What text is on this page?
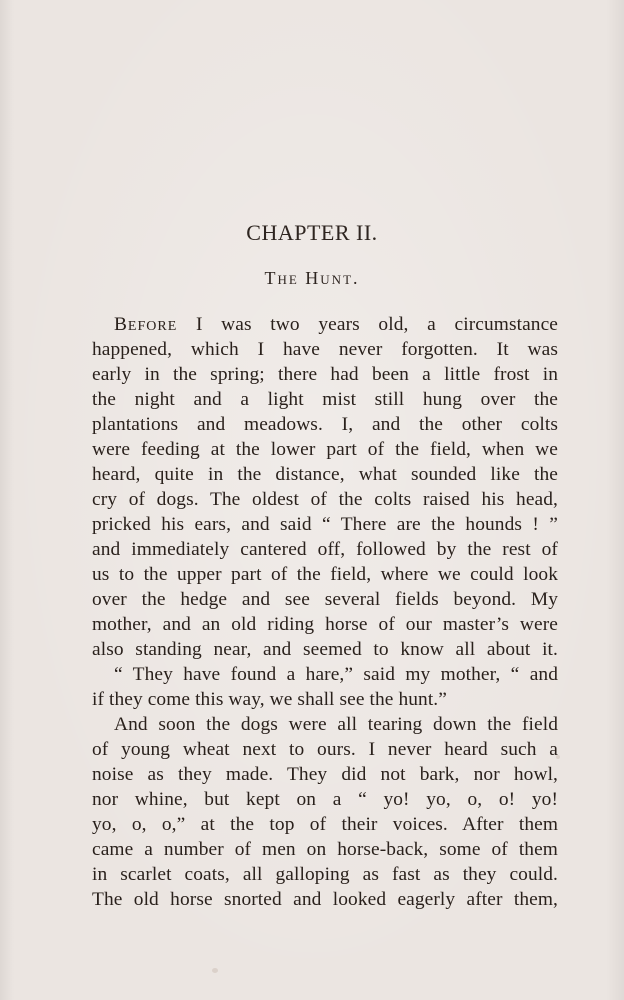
CHAPTER II.
The Hunt.
Before I was two years old, a circumstance
happened, which I have never forgotten. It was
early in the spring; there had been a little frost in
the night and a light mist still hung over the
plantations and meadows. I, and the other colts
were feeding at the lower part of the field, when we
heard, quite in the distance, what sounded like the
cry of dogs. The oldest of the colts raised his head,
pricked his ears, and said “ There are the hounds ! ”
and immediately cantered off, followed by the rest of
us to the upper part of the field, where we could look
over the hedge and see several fields beyond. My
mother, and an old riding horse of our master’s were
also standing near, and seemed to know all about it.
“ They have found a hare,” said my mother, “ and
if they come this way, we shall see the hunt.”
And soon the dogs were all tearing down the field
of young wheat next to ours. I never heard such a
noise as they made. They did not bark, nor howl,
nor whine, but kept on a “ yo! yo, o, o! yo!
yo, o, o,” at the top of their voices. After them
came a number of men on horse-back, some of them
in scarlet coats, all galloping as fast as they could.
The old horse snorted and looked eagerly after them,
